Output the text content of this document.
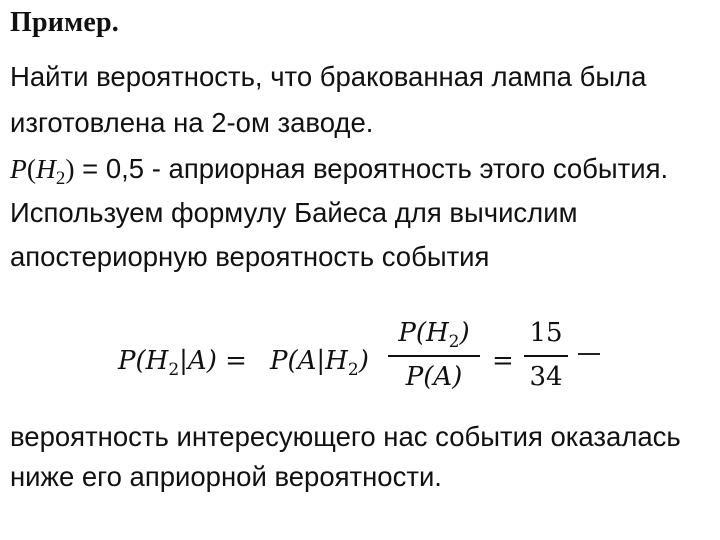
Пример.
Найти вероятность, что бракованная лампа была
изготовлена на 2-ом заводе.
$P(H_2) = 0,5$ - априорная вероятность этого события.
Используем формулу Байеса для вычислим
апостериорную вероятность события
$P(H_2|A) = P(A|H_2)$
$P(H_2)$
P(A)
=
15
34
вероятность интересующего нас события оказалась
ниже его априорной вероятности.
